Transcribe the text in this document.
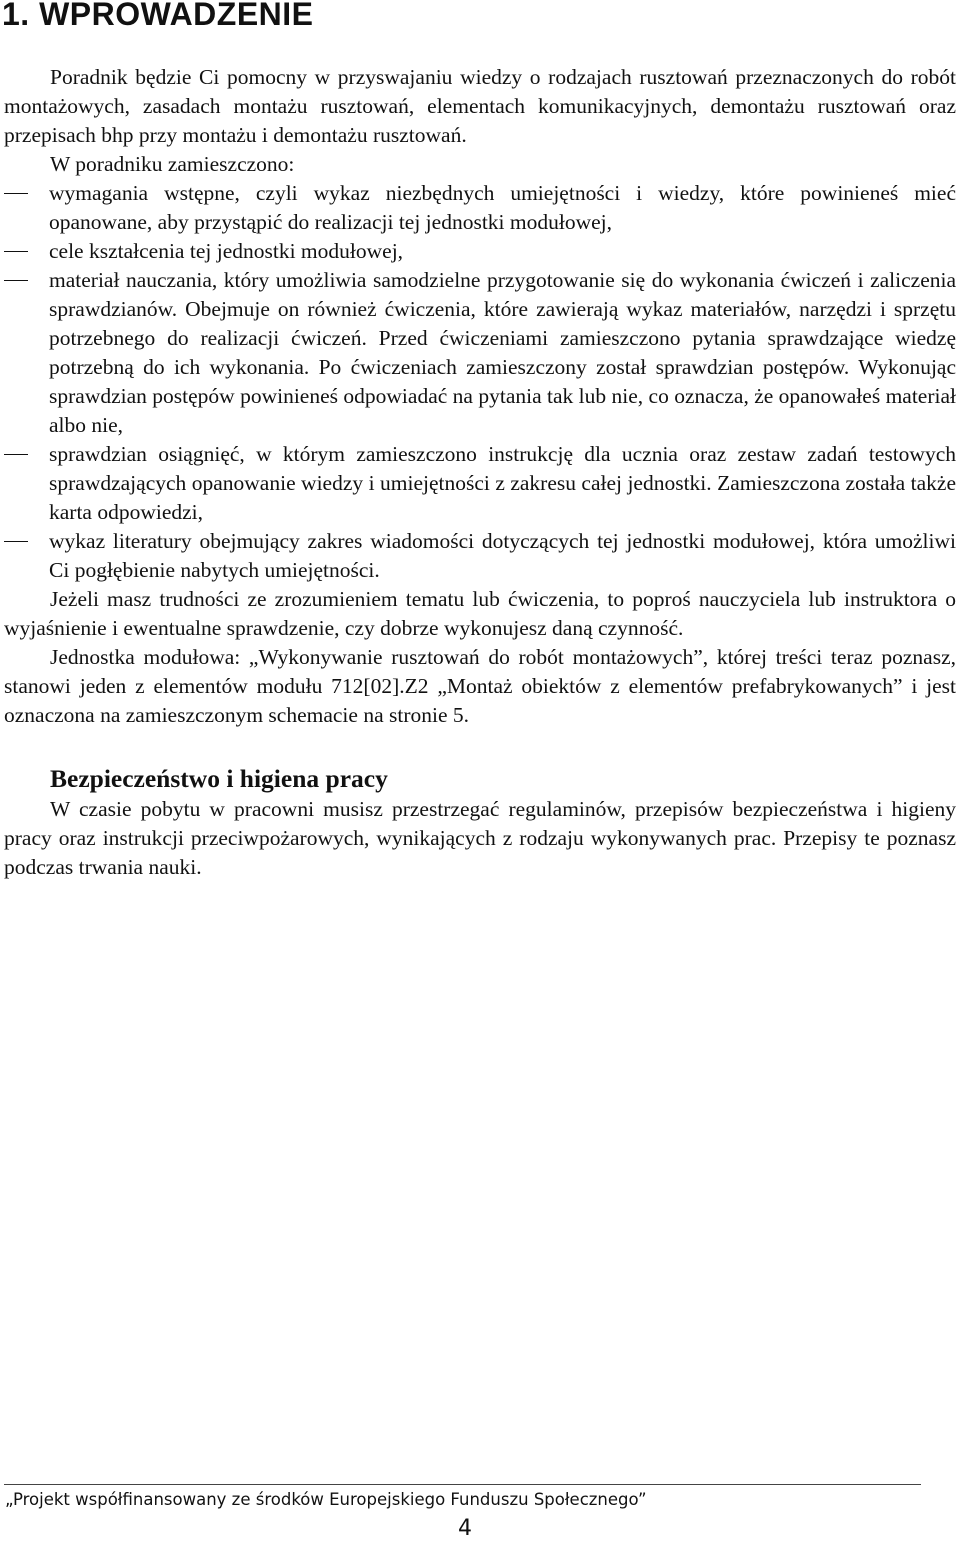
1. WPROWADZENIE

Poradnik będzie Ci pomocny w przyswajaniu wiedzy o rodzajach rusztowań przeznaczonych do robót montażowych, zasadach montażu rusztowań, elementach komunikacyjnych, demontażu rusztowań oraz przepisach bhp przy montażu i demontażu rusztowań.

W poradniku zamieszczono:

wymagania wstępne, czyli wykaz niezbędnych umiejętności i wiedzy, które powinieneś mieć opanowane, aby przystąpić do realizacji tej jednostki modułowej,
cele kształcenia tej jednostki modułowej,
materiał nauczania, który umożliwia samodzielne przygotowanie się do wykonania ćwiczeń i zaliczenia sprawdzianów. Obejmuje on również ćwiczenia, które zawierają wykaz materiałów, narzędzi i sprzętu potrzebnego do realizacji ćwiczeń. Przed ćwiczeniami zamieszczono pytania sprawdzające wiedzę potrzebną do ich wykonania. Po ćwiczeniach zamieszczony został sprawdzian postępów. Wykonując sprawdzian postępów powinieneś odpowiadać na pytania tak lub nie, co oznacza, że opanowałeś materiał albo nie,
sprawdzian osiągnięć, w którym zamieszczono instrukcję dla ucznia oraz zestaw zadań testowych sprawdzających opanowanie wiedzy i umiejętności z zakresu całej jednostki. Zamieszczona została także karta odpowiedzi,
wykaz literatury obejmujący zakres wiadomości dotyczących tej jednostki modułowej, która umożliwi Ci pogłębienie nabytych umiejętności.

Jeżeli masz trudności ze zrozumieniem tematu lub ćwiczenia, to poproś nauczyciela lub instruktora o wyjaśnienie i ewentualne sprawdzenie, czy dobrze wykonujesz daną czynność.

Jednostka modułowa: „Wykonywanie rusztowań do robót montażowych”, której treści teraz poznasz, stanowi jeden z elementów modułu 712[02].Z2 „Montaż obiektów z elementów prefabrykowanych” i jest oznaczona na zamieszczonym schemacie na stronie 5.

Bezpieczeństwo i higiena pracy

W czasie pobytu w pracowni musisz przestrzegać regulaminów, przepisów bezpieczeństwa i higieny pracy oraz instrukcji przeciwpożarowych, wynikających z rodzaju wykonywanych prac. Przepisy te poznasz podczas trwania nauki.

„Projekt współfinansowany ze środków Europejskiego Funduszu Społecznego”
4
